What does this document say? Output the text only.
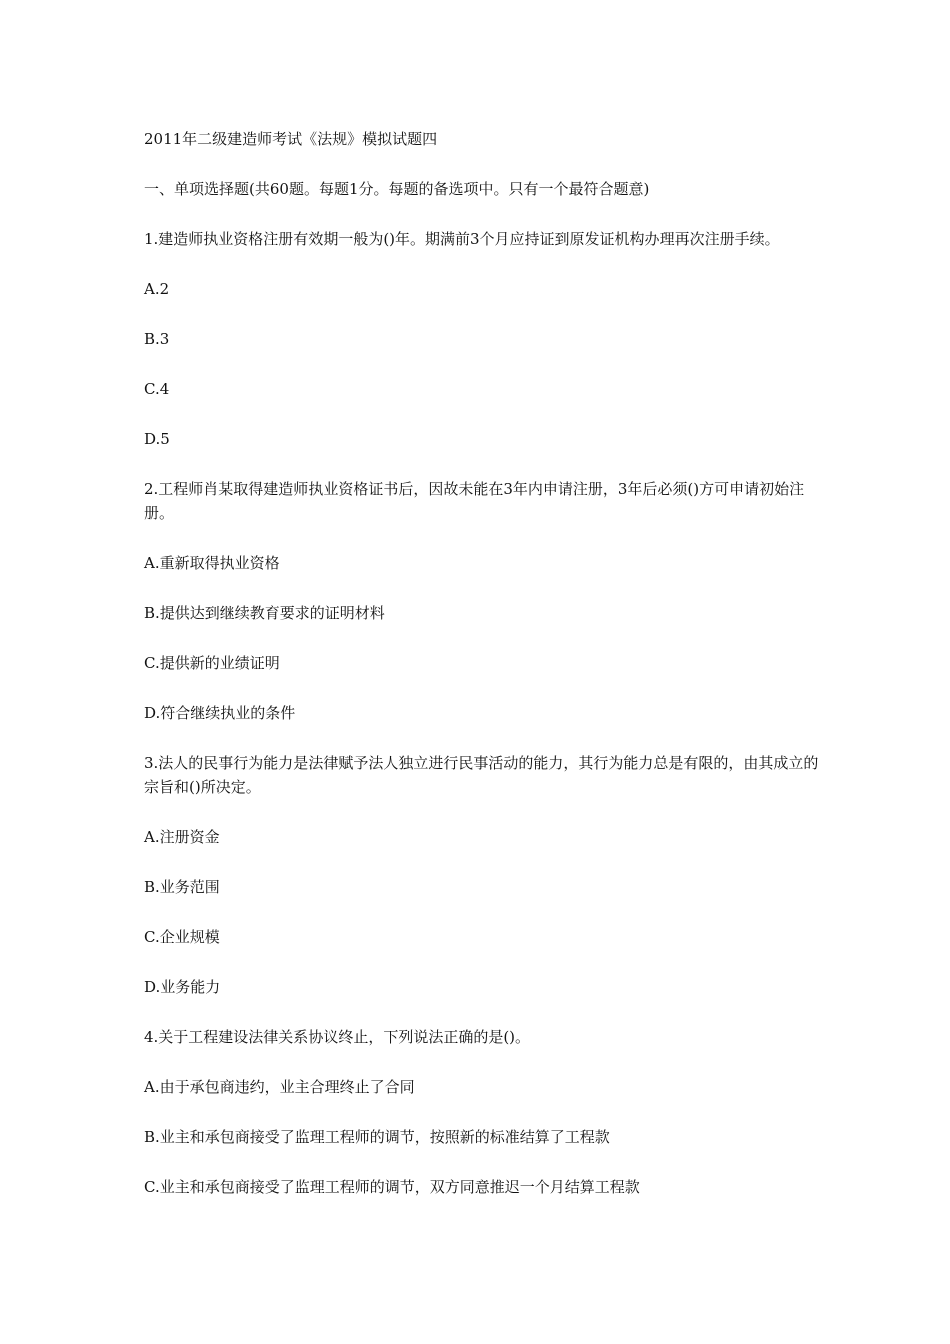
2011年二级建造师考试《法规》模拟试题四

一、单项选择题(共60题。每题1分。每题的备选项中。只有一个最符合题意)

1.建造师执业资格注册有效期一般为()年。期满前3个月应持证到原发证机构办理再次注册手续。

A.2

B.3

C.4

D.5

2.工程师肖某取得建造师执业资格证书后，因故未能在3年内申请注册，3年后必须()方可申请初始注册。

A.重新取得执业资格

B.提供达到继续教育要求的证明材料

C.提供新的业绩证明

D.符合继续执业的条件

3.法人的民事行为能力是法律赋予法人独立进行民事活动的能力，其行为能力总是有限的，由其成立的宗旨和()所决定。

A.注册资金

B.业务范围

C.企业规模

D.业务能力

4.关于工程建设法律关系协议终止，下列说法正确的是()。

A.由于承包商违约，业主合理终止了合同

B.业主和承包商接受了监理工程师的调节，按照新的标准结算了工程款

C.业主和承包商接受了监理工程师的调节，双方同意推迟一个月结算工程款
